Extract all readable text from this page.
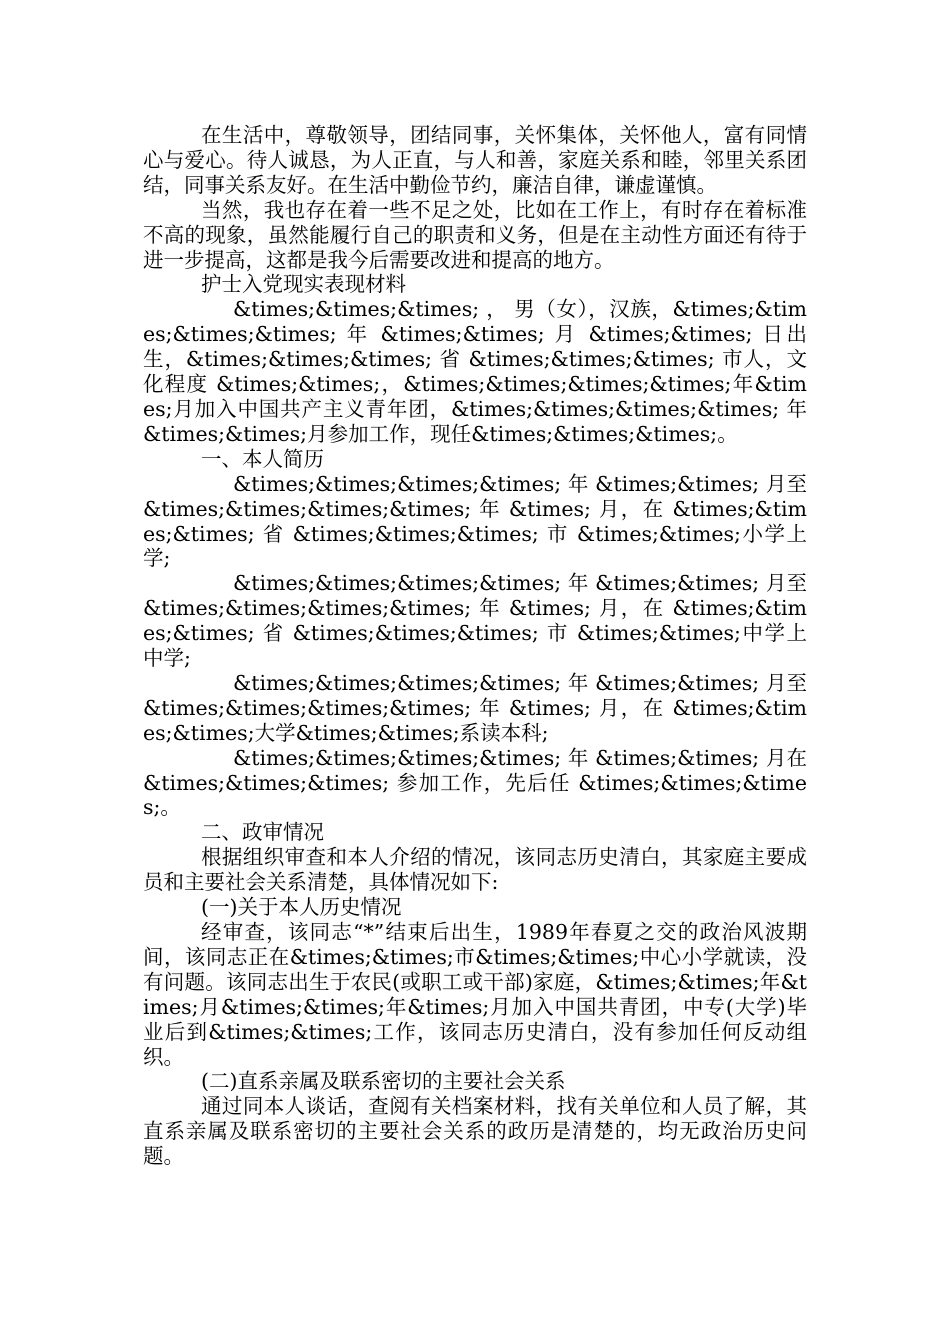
在生活中，尊敬领导，团结同事，关怀集体，关怀他人，富有同情心与爱心。待人诚恳，为人正直，与人和善，家庭关系和睦，邻里关系团结，同事关系友好。在生活中勤俭节约，廉洁自律，谦虚谨慎。

当然，我也存在着一些不足之处，比如在工作上，有时存在着标准不高的现象，虽然能履行自己的职责和义务，但是在主动性方面还有待于进一步提高，这都是我今后需要改进和提高的地方。

护士入党现实表现材料

&times;&times;&times; ， 男（女），汉族，&times;&times;&times;&times; 年 &times;&times; 月 &times;&times; 日出生，&times;&times;&times; 省 &times;&times;&times; 市人，文化程度 &times;&times;，&times;&times;&times;&times;年&times;月加入中国共产主义青年团，&times;&times;&times;&times; 年 &times;&times;月参加工作，现任&times;&times;&times;。

一、本人简历

&times;&times;&times;&times; 年 &times;&times; 月至 &times;&times;&times;&times; 年 &times; 月，在 &times;&times;&times; 省 &times;&times;&times; 市 &times;&times;小学上学;

&times;&times;&times;&times; 年 &times;&times; 月至 &times;&times;&times;&times; 年 &times; 月，在 &times;&times;&times; 省 &times;&times;&times; 市 &times;&times;中学上中学;

&times;&times;&times;&times; 年 &times;&times; 月至 &times;&times;&times;&times; 年 &times; 月，在 &times;&times;&times;大学&times;&times;系读本科;

&times;&times;&times;&times; 年 &times;&times; 月在 &times;&times;&times; 参加工作，先后任 &times;&times;&times;。

二、政审情况

根据组织审查和本人介绍的情况，该同志历史清白，其家庭主要成员和主要社会关系清楚，具体情况如下:

(一)关于本人历史情况

经审查，该同志“*”结束后出生，1989年春夏之交的政治风波期间，该同志正在&times;&times;市&times;&times;中心小学就读，没有问题。该同志出生于农民(或职工或干部)家庭，&times;&times;年&times;月&times;&times;年&times;月加入中国共青团，中专(大学)毕业后到&times;&times;工作，该同志历史清白，没有参加任何反动组织。

(二)直系亲属及联系密切的主要社会关系

通过同本人谈话，查阅有关档案材料，找有关单位和人员了解，其直系亲属及联系密切的主要社会关系的政历是清楚的，均无政治历史问题。
